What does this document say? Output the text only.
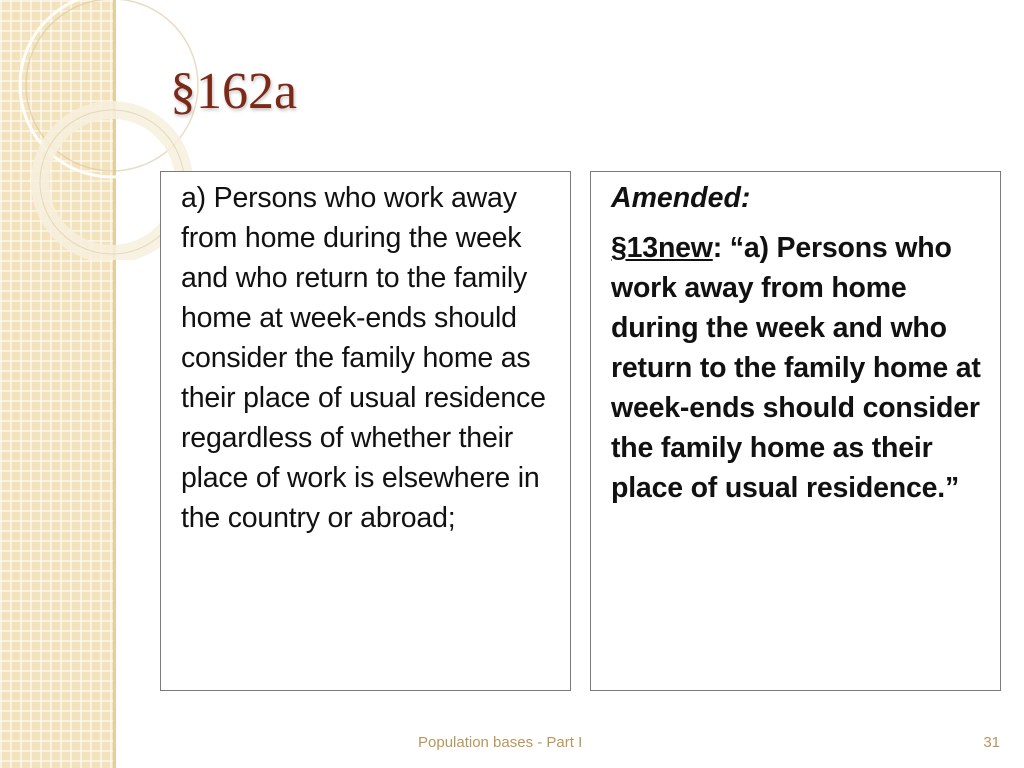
§162a

a) Persons who work away from home during the week and who return to the family home at week-ends should consider the family home as their place of usual residence regardless of whether their place of work is elsewhere in the country or abroad;

Amended:

§13new: “a) Persons who work away from home during the week and who return to the family home at week-ends should consider the family home as their place of usual residence.”

Population bases - Part I	31
